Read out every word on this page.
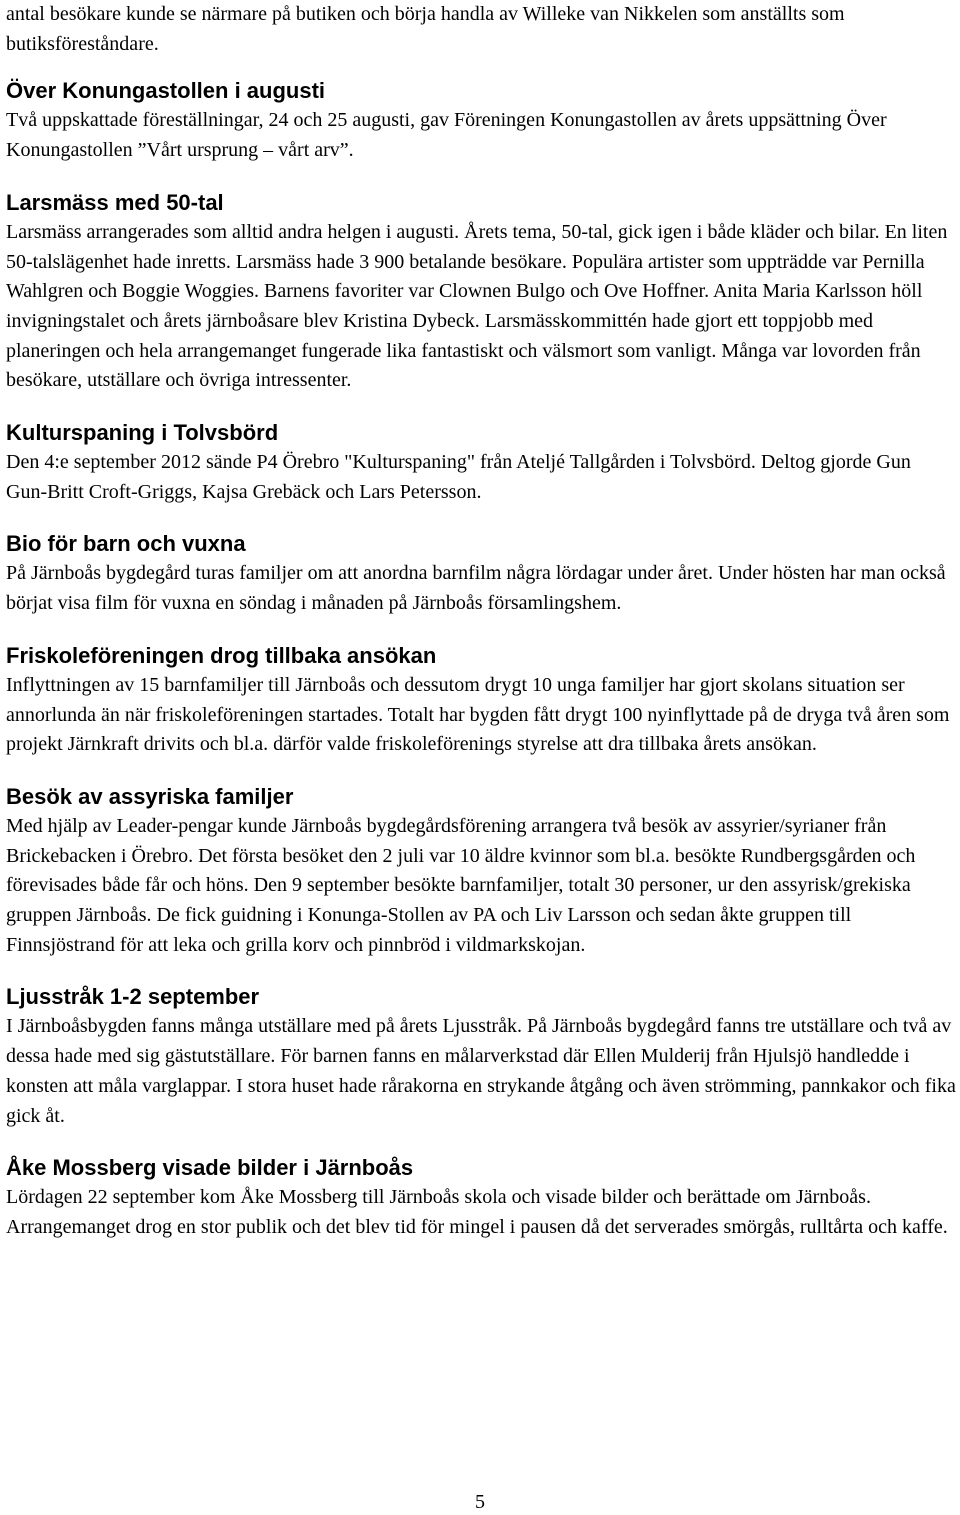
antal besökare kunde se närmare på butiken och börja handla av Willeke van Nikkelen som anställts som butiksföreståndare.

Över Konungastollen i augusti

Två uppskattade föreställningar, 24 och 25 augusti, gav Föreningen Konungastollen av årets uppsättning Över Konungastollen ”Vårt ursprung – vårt arv”.

Larsmäss med 50-tal

Larsmäss arrangerades som alltid andra helgen i augusti. Årets tema, 50-tal, gick igen i både kläder och bilar. En liten 50-talslägenhet hade inretts. Larsmäss hade 3 900 betalande besökare. Populära artister som uppträdde var Pernilla Wahlgren och Boggie Woggies. Barnens favoriter var Clownen Bulgo och Ove Hoffner. Anita Maria Karlsson höll invigningstalet och årets järnboåsare blev Kristina Dybeck. Larsmässkommittén hade gjort ett toppjobb med planeringen och hela arrangemanget fungerade lika fantastiskt och välsmort som vanligt. Många var lovorden från besökare, utställare och övriga intressenter.

Kulturspaning i Tolvsbörd

Den 4:e september 2012 sände P4 Örebro "Kulturspaning" från Ateljé Tallgården i Tolvsbörd. Deltog gjorde Gun Gun-Britt Croft-Griggs, Kajsa Grebäck och Lars Petersson.

Bio för barn och vuxna

På Järnboås bygdegård turas familjer om att anordna barnfilm några lördagar under året. Under hösten har man också börjat visa film för vuxna en söndag i månaden på Järnboås församlingshem.

Friskoleföreningen drog tillbaka ansökan

Inflyttningen av 15 barnfamiljer till Järnboås och dessutom drygt 10 unga familjer har gjort skolans situation ser annorlunda än när friskoleföreningen startades. Totalt har bygden fått drygt 100 nyinflyttade på de dryga två åren som projekt Järnkraft drivits och bl.a. därför valde friskoleförenings styrelse att dra tillbaka årets ansökan.

Besök av assyriska familjer

Med hjälp av Leader-pengar kunde Järnboås bygdegårdsförening arrangera två besök av assyrier/syrianer från Brickebacken i Örebro. Det första besöket den 2 juli var 10 äldre kvinnor som bl.a. besökte Rundbergsgården och förevisades både får och höns. Den 9 september besökte barnfamiljer, totalt 30 personer, ur den assyrisk/grekiska gruppen Järnboås. De fick guidning i Konunga-Stollen av PA och Liv Larsson och sedan åkte gruppen till Finnsjöstrand för att leka och grilla korv och pinnbröd i vildmarkskojan.

Ljusstråk 1-2 september

I Järnboåsbygden fanns många utställare med på årets Ljusstråk. På Järnboås bygdegård fanns tre utställare och två av dessa hade med sig gästutställare. För barnen fanns en målarverkstad där Ellen Mulderij från Hjulsjö handledde i konsten att måla varglappar. I stora huset hade rårakorna en strykande åtgång och även strömming, pannkakor och fika gick åt.

Åke Mossberg visade bilder i Järnboås

Lördagen 22 september kom Åke Mossberg till Järnboås skola och visade bilder och berättade om Järnboås. Arrangemanget drog en stor publik och det blev tid för mingel i pausen då det serverades smörgås, rulltårta och kaffe.

5
